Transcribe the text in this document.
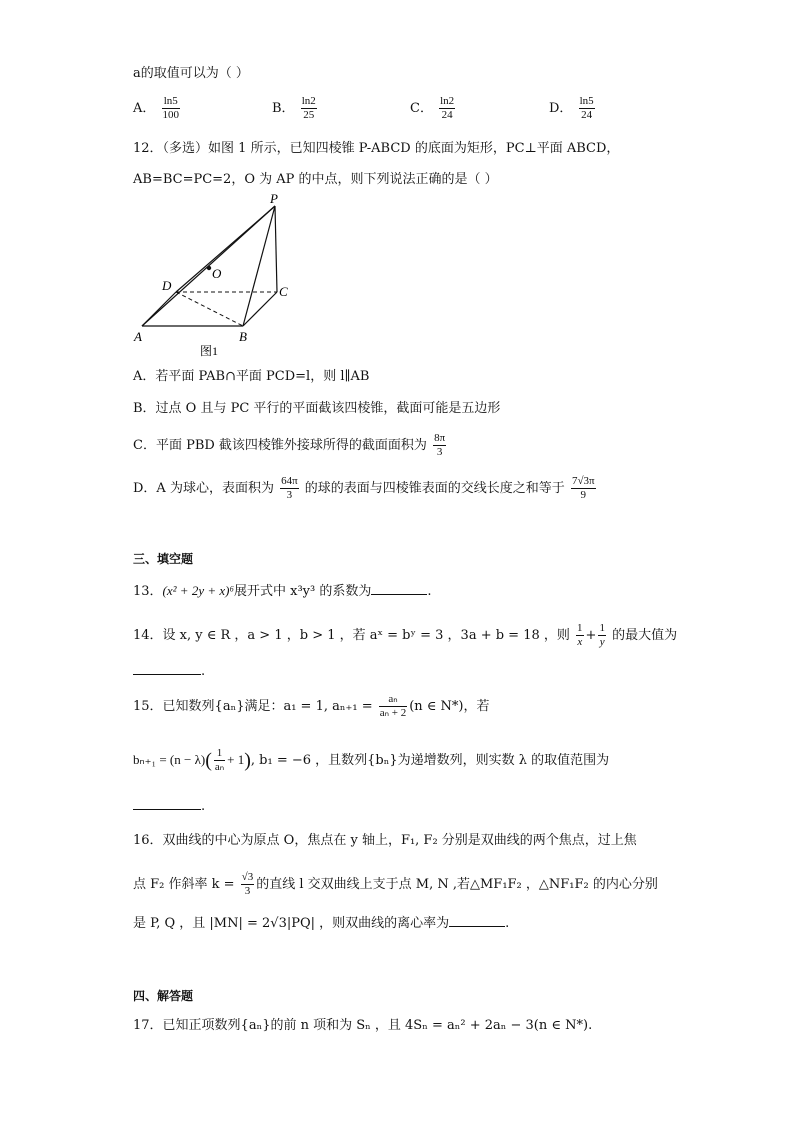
a的取值可以为（ ）
A． $\frac{\ln 5}{100}$	B． $\frac{\ln 2}{25}$	C． $\frac{\ln 2}{24}$	D． $\frac{\ln 5}{24}$
12．（多选）如图 1 所示，已知四棱锥 P-ABCD 的底面为矩形，PC⊥平面 ABCD，
AB=BC=PC=2，O 为 AP 的中点，则下列说法正确的是（ ）
P
O
D	C
A	B
图1
A．若平面 PAB∩平面 PCD=l，则 l∥AB
B．过点 O 且与 PC 平行的平面截该四棱锥，截面可能是五边形
C．平面 PBD 截该四棱锥外接球所得的截面面积为 $\frac{8\pi}{3}$
D．A 为球心，表面积为 $\frac{64\pi}{3}$ 的球的表面与四棱锥表面的交线长度之和等于 $\frac{7√3\pi}{9}$
三、填空题
13．(x² + 2y + x)⁶展开式中 x³y³ 的系数为	.
14．设 x, y ∈ R ，a > 1 ，b > 1 ，若 aˣ = bʸ = 3 ，3a + b = 18 ，则 $\frac{1}{x} + \frac{1}{y}$ 的最大值为
.
15．已知数列{aₙ}满足：a₁ = 1, $a_{n+1} = \frac{\text{aₙ}}{\text{aₙ + 2}} (n$ ∈ N*)，若
$b_{n+1} = (n - \lambda)( \frac{1}{\text{aₙ}} + 1)$, b₁ = −6 ，且数列{bₙ}为递增数列，则实数 λ 的取值范围为
.
16．双曲线的中心为原点 O，焦点在 y 轴上，F₁, F₂ 分别是双曲线的两个焦点，过上焦
点 F₂ 作斜率 $k = \frac{√3}{3}$ 的直线 l 交双曲线上支于点 M, N ,若△MF₁F₂ ，△NF₁F₂ 的内心分别
是 P, Q ，且 |MN| = 2√3|PQ| ，则双曲线的离心率为	.
四、解答题
17．已知正项数列{aₙ}的前 n 项和为 Sₙ ，且 4Sₙ = aₙ² + 2aₙ − 3(n ∈ N*).
